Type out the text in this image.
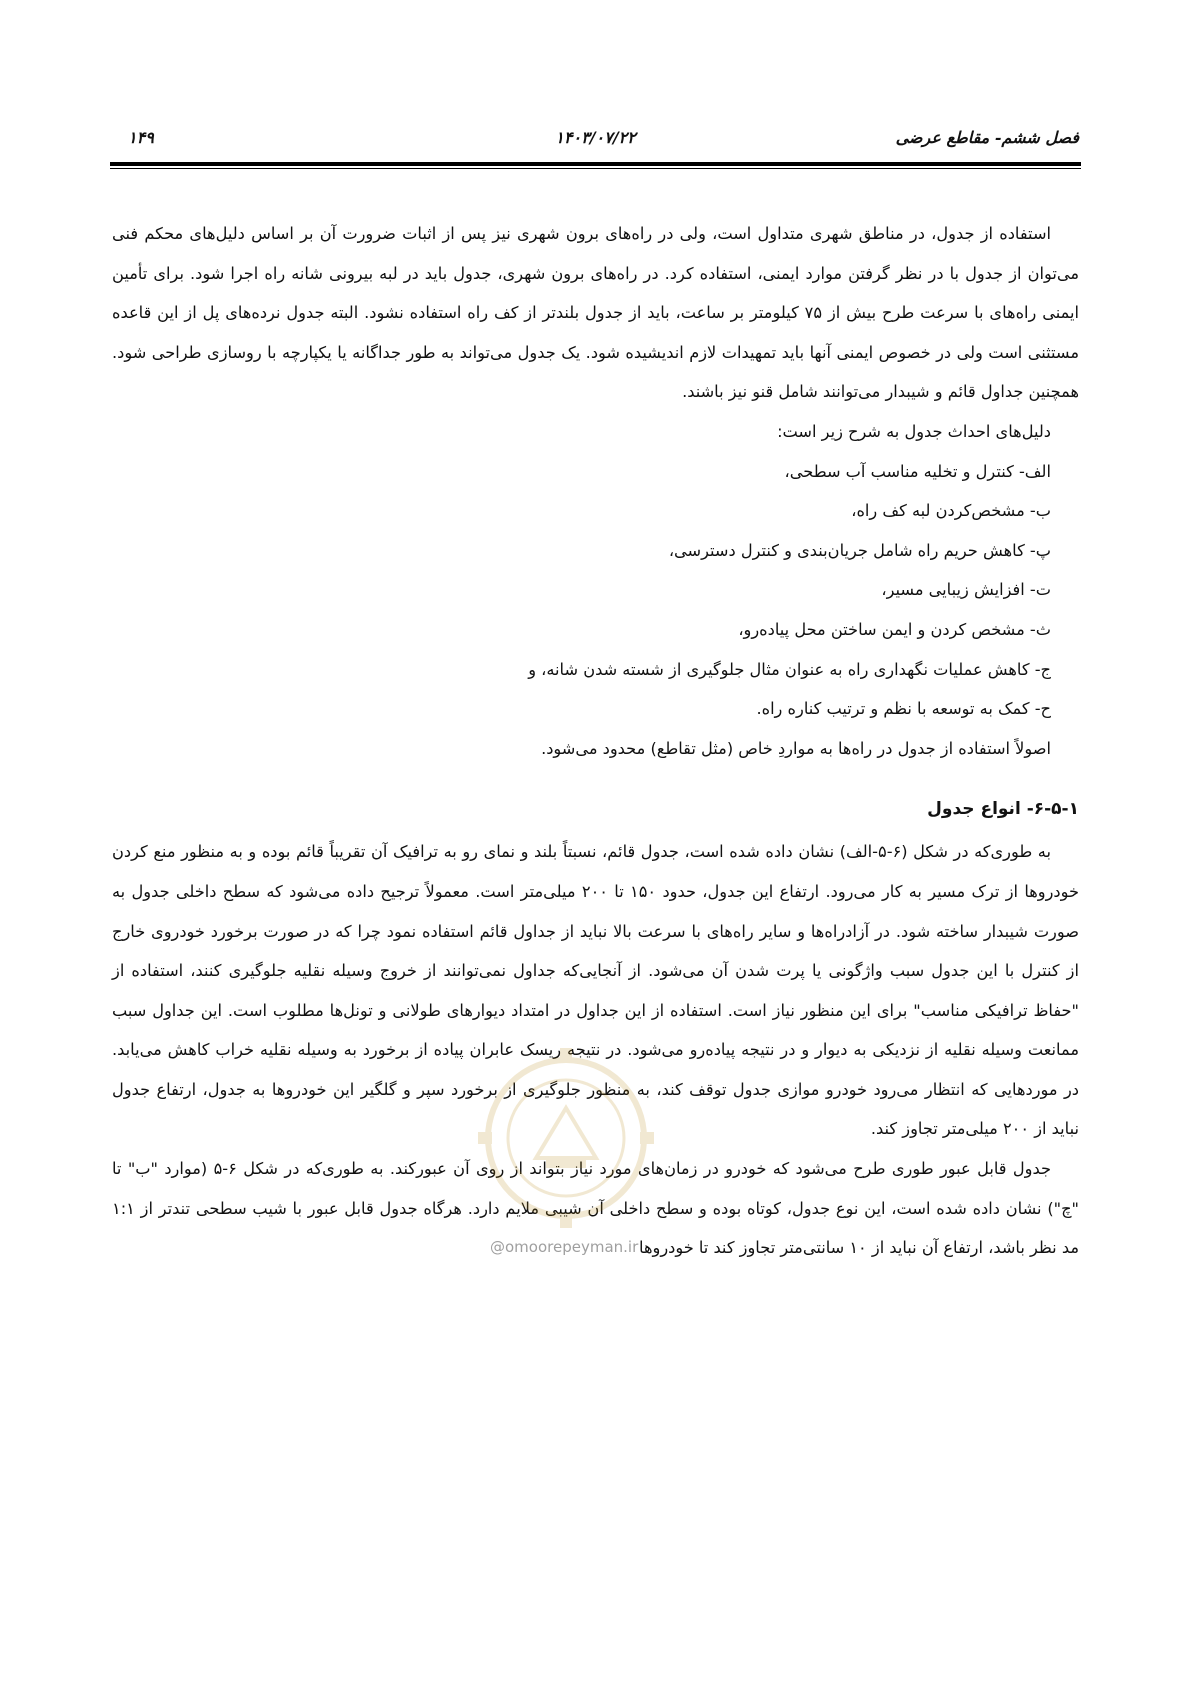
فصل ششم- مقاطع عرضی
۱۴۰۳/۰۷/۲۲
۱۴۹

استفاده از جدول، در مناطق شهری متداول است، ولی در راه‌های برون شهری نیز پس از اثبات ضرورت آن بر اساس دلیل‌های محکم فنی می‌توان از جدول با در نظر گرفتن موارد ایمنی، استفاده کرد. در راه‌های برون شهری، جدول باید در لبه بیرونی شانه راه اجرا شود. برای تأمین ایمنی راه‌های با سرعت طرح بیش از ۷۵ کیلومتر بر ساعت، باید از جدول بلندتر از کف راه استفاده نشود. البته جدول نرده‌های پل از این قاعده مستثنی است ولی در خصوص ایمنی آنها باید تمهیدات لازم اندیشیده شود. یک جدول می‌تواند به طور جداگانه یا یکپارچه با روسازی طراحی شود. همچنین جداول قائم و شیبدار می‌توانند شامل قنو نیز باشند.

دلیل‌های احداث جدول به شرح زیر است:
الف- کنترل و تخلیه مناسب آب سطحی،
ب- مشخص‌کردن لبه کف راه،
پ- کاهش حریم راه شامل جریان‌بندی و کنترل دسترسی،
ت- افزایش زیبایی مسیر،
ث- مشخص کردن و ایمن ساختن محل پیاده‌رو،
ج- کاهش عملیات نگهداری راه به عنوان مثال جلوگیری از شسته شدن شانه، و
ح- کمک به توسعه با نظم و ترتیب کناره راه.
اصولاً استفاده از جدول در راه‌ها به مواردِ خاص (مثل تقاطع) محدود می‌شود.
۶-۵-۱- انواع جدول

به طوری‌که در شکل (۶-۵-الف) نشان داده شده است، جدول قائم، نسبتاً بلند و نمای رو به ترافیک آن تقریباً قائم بوده و به منظور منع کردن خودروها از ترک مسیر به کار می‌رود. ارتفاع این جدول، حدود ۱۵۰ تا ۲۰۰ میلی‌متر است. معمولاً ترجیح داده می‌شود که سطح داخلی جدول به صورت شیبدار ساخته شود. در آزادراه‌ها و سایر راه‌های با سرعت بالا نباید از جداول قائم استفاده نمود چرا که در صورت برخورد خودروی خارج از کنترل با این جدول سبب واژگونی یا پرت شدن آن می‌شود. از آنجایی‌که جداول نمی‌توانند از خروج وسیله نقلیه جلوگیری کنند، استفاده از "حفاظ ترافیکی مناسب" برای این منظور نیاز است. استفاده از این جداول در امتداد دیوارهای طولانی و تونل‌ها مطلوب است. این جداول سبب ممانعت وسیله نقلیه از نزدیکی به دیوار و در نتیجه پیاده‌رو می‌شود. در نتیجه ریسک عابران پیاده از برخورد به وسیله نقلیه خراب کاهش می‌یابد. در موردهایی که انتظار می‌رود خودرو موازی جدول توقف کند، به منظور جلوگیری از برخورد سپر و گلگیر این خودروها به جدول، ارتفاع جدول نباید از ۲۰۰ میلی‌متر تجاوز کند.

جدول قابل عبور طوری طرح می‌شود که خودرو در زمان‌های مورد نیاز بتواند از روی آن عبورکند. به طوری‌که در شکل ۶-۵ (موارد "ب" تا "چ") نشان داده شده است، این نوع جدول، کوتاه بوده و سطح داخلی آن شیبی ملایم دارد. هرگاه جدول قابل عبور با شیب سطحی تندتر از ۱:۱ مد نظر باشد، ارتفاع آن نباید از ۱۰ سانتی‌متر تجاوز کند تا خودروها

@omoorepeyman.ir
